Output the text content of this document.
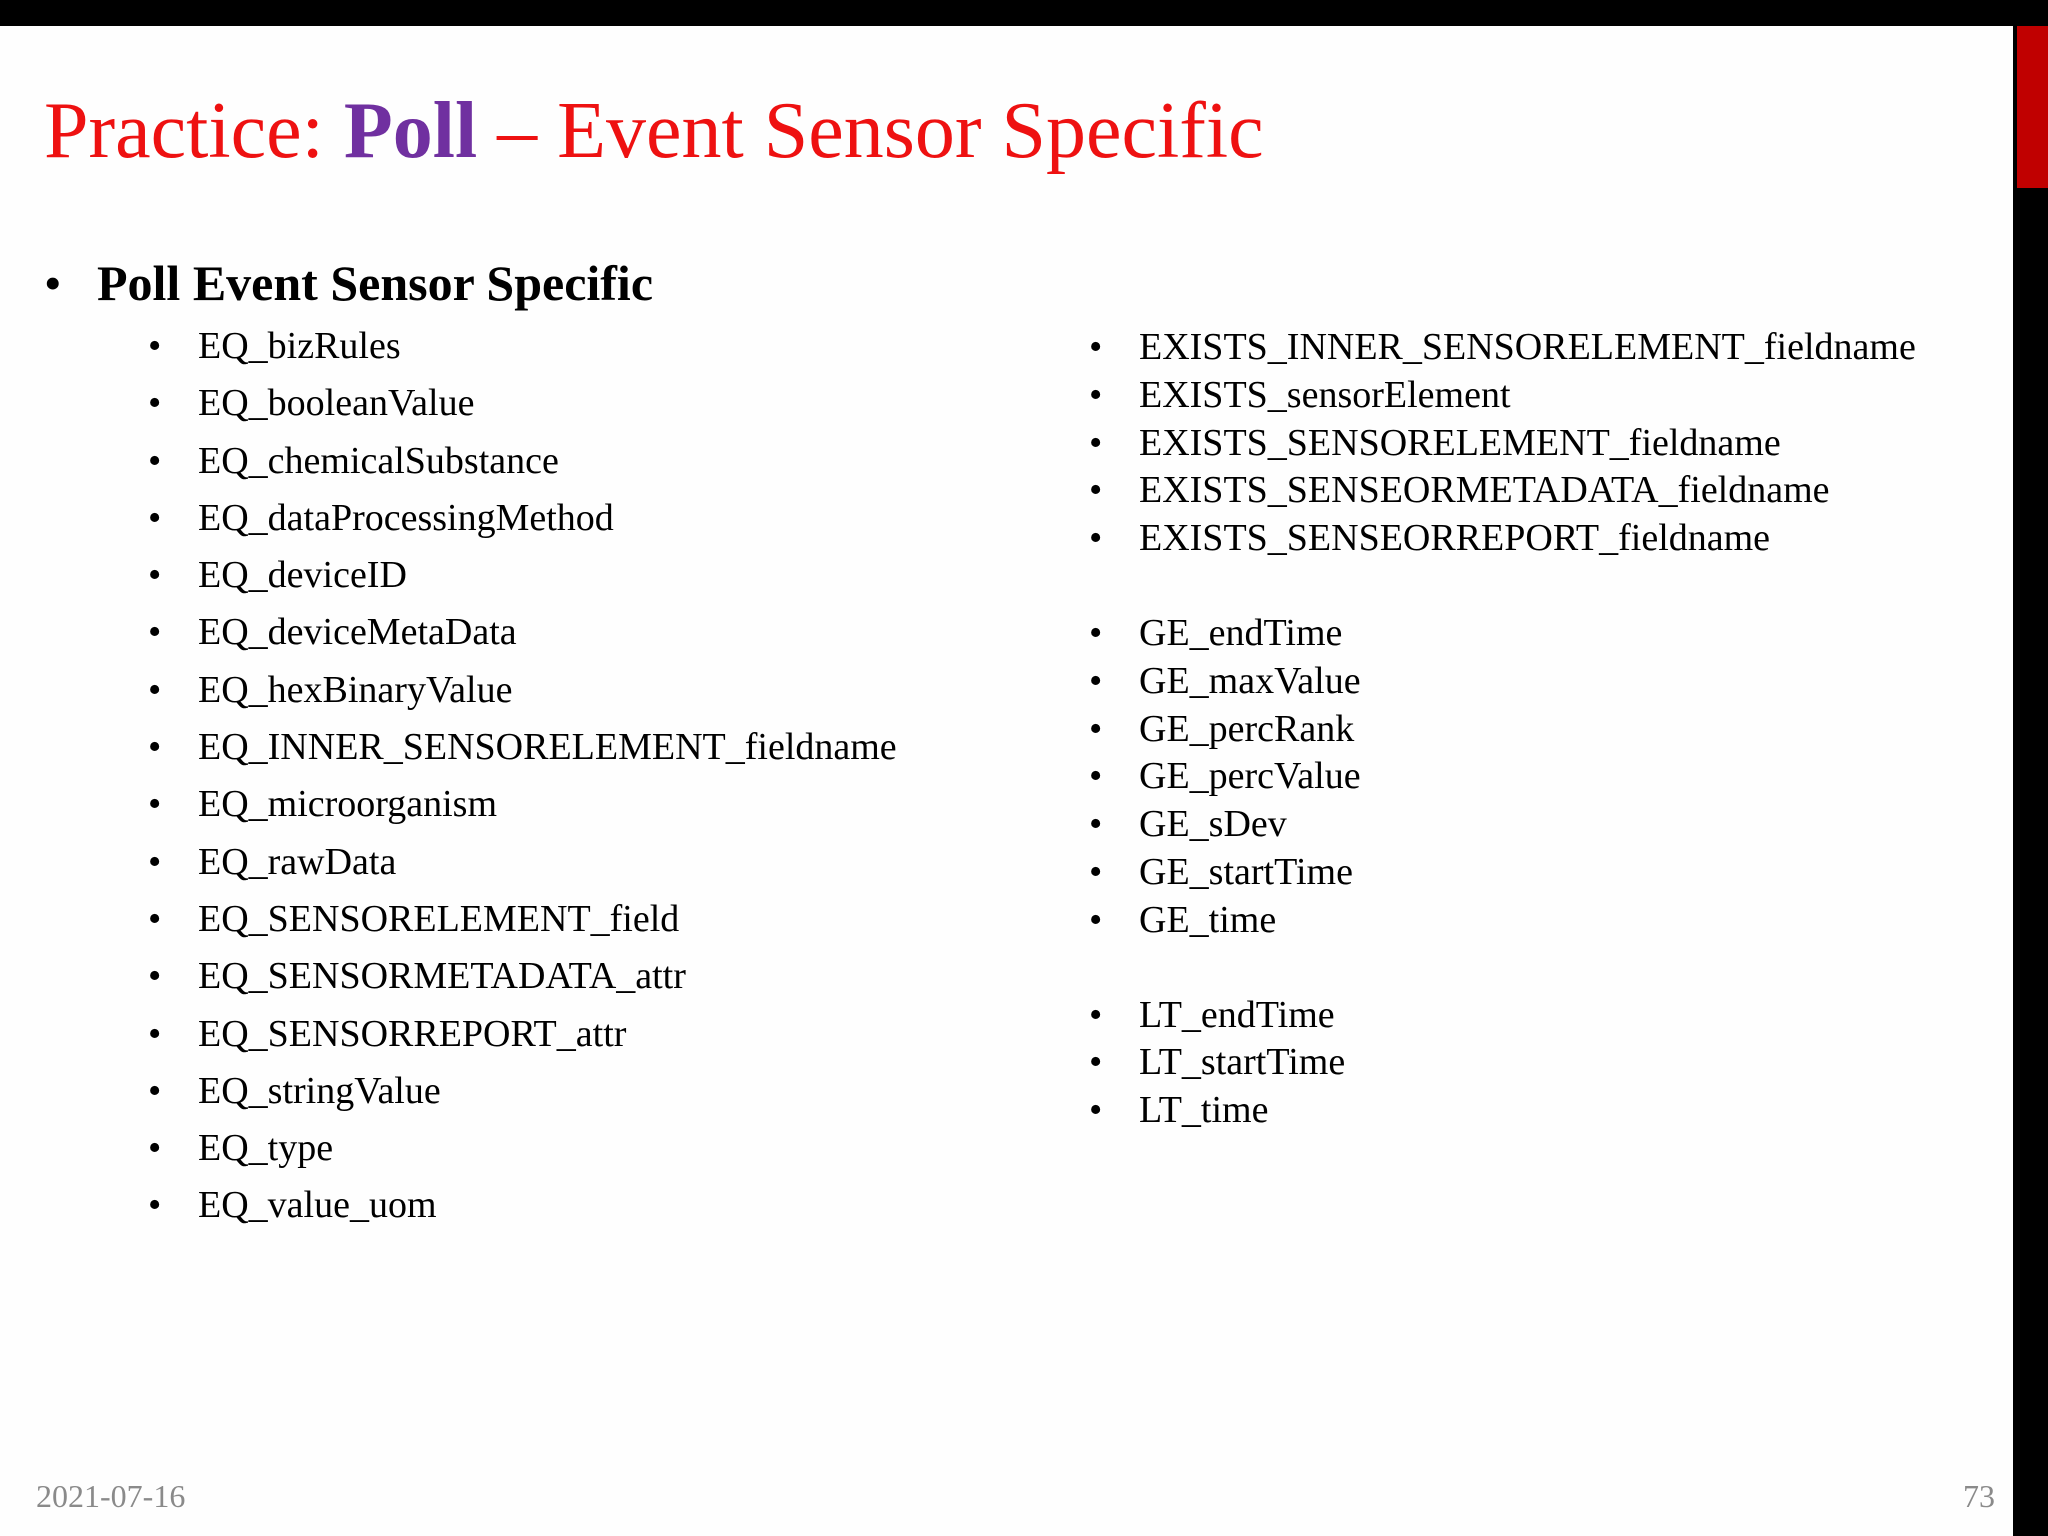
Practice: Poll – Event Sensor Specific
• Poll Event Sensor Specific
• EQ_bizRules
• EQ_booleanValue
• EQ_chemicalSubstance
• EQ_dataProcessingMethod
• EQ_deviceID
• EQ_deviceMetaData
• EQ_hexBinaryValue
• EQ_INNER_SENSORELEMENT_fieldname
• EQ_microorganism
• EQ_rawData
• EQ_SENSORELEMENT_field
• EQ_SENSORMETADATA_attr
• EQ_SENSORREPORT_attr
• EQ_stringValue
• EQ_type
• EQ_value_uom
• EXISTS_INNER_SENSORELEMENT_fieldname
• EXISTS_sensorElement
• EXISTS_SENSORELEMENT_fieldname
• EXISTS_SENSEORMETADATA_fieldname
• EXISTS_SENSEORREPORT_fieldname
• GE_endTime
• GE_maxValue
• GE_percRank
• GE_percValue
• GE_sDev
• GE_startTime
• GE_time
• LT_endTime
• LT_startTime
• LT_time
2021-07-16	73
